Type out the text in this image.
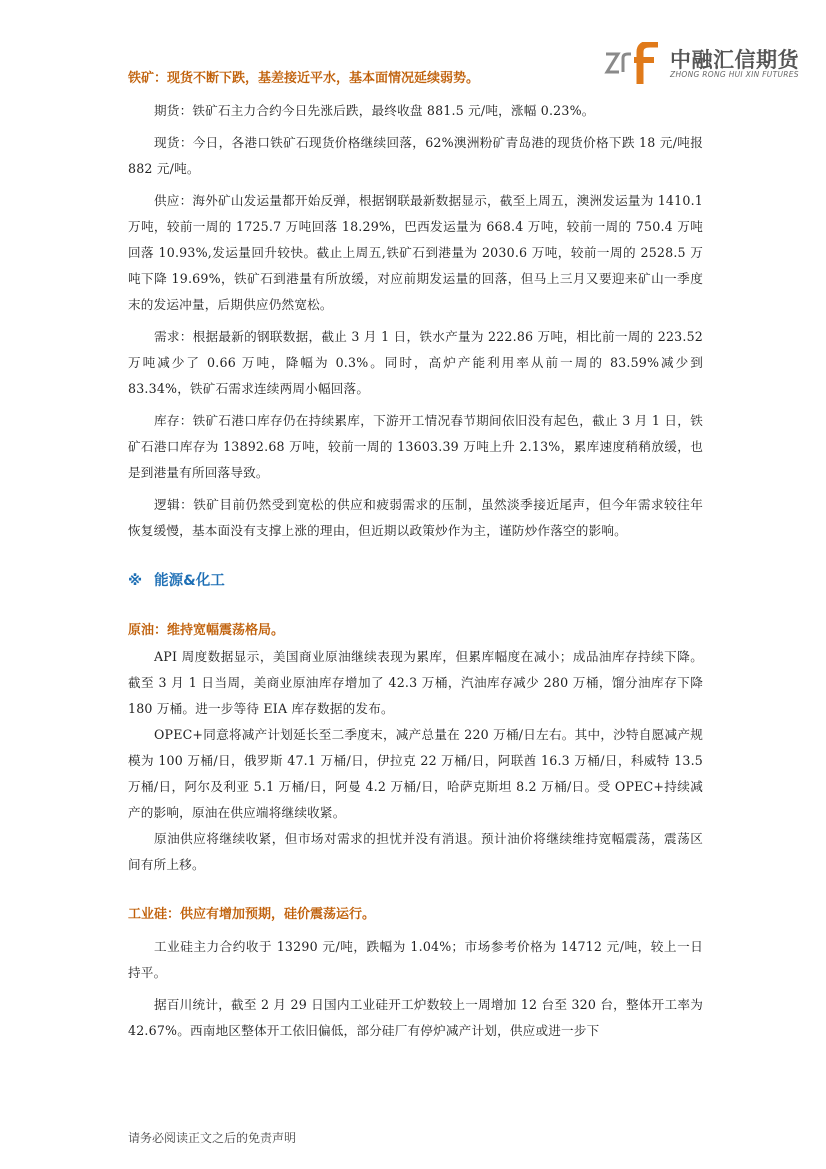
中融汇信期货
ZHONG RONG HUI XIN FUTURES
铁矿：现货不断下跌，基差接近平水，基本面情况延续弱势。

期货：铁矿石主力合约今日先涨后跌，最终收盘 881.5 元/吨，涨幅 0.23%。

现货：今日，各港口铁矿石现货价格继续回落，62%澳洲粉矿青岛港的现货价格下跌 18 元/吨报 882 元/吨。

供应：海外矿山发运量都开始反弹，根据钢联最新数据显示，截至上周五，澳洲发运量为 1410.1 万吨，较前一周的 1725.7 万吨回落 18.29%，巴西发运量为 668.4 万吨，较前一周的 750.4 万吨回落 10.93%,发运量回升较快。截止上周五,铁矿石到港量为 2030.6 万吨，较前一周的 2528.5 万吨下降 19.69%，铁矿石到港量有所放缓，对应前期发运量的回落，但马上三月又要迎来矿山一季度末的发运冲量，后期供应仍然宽松。

需求：根据最新的钢联数据，截止 3 月 1 日，铁水产量为 222.86 万吨，相比前一周的 223.52 万吨减少了 0.66 万吨，降幅为 0.3%。同时，高炉产能利用率从前一周的 83.59%减少到 83.34%，铁矿石需求连续两周小幅回落。

库存：铁矿石港口库存仍在持续累库，下游开工情况春节期间依旧没有起色，截止 3 月 1 日，铁矿石港口库存为 13892.68 万吨，较前一周的 13603.39 万吨上升 2.13%，累库速度稍稍放缓，也是到港量有所回落导致。

逻辑：铁矿目前仍然受到宽松的供应和疲弱需求的压制，虽然淡季接近尾声，但今年需求较往年恢复缓慢，基本面没有支撑上涨的理由，但近期以政策炒作为主，谨防炒作落空的影响。

※ 能源&化工
原油：维持宽幅震荡格局。

API 周度数据显示，美国商业原油继续表现为累库，但累库幅度在减小；成品油库存持续下降。截至 3 月 1 日当周，美商业原油库存增加了 42.3 万桶，汽油库存减少 280 万桶，馏分油库存下降 180 万桶。进一步等待 EIA 库存数据的发布。

OPEC+同意将减产计划延长至二季度末，减产总量在 220 万桶/日左右。其中，沙特自愿减产规模为 100 万桶/日，俄罗斯 47.1 万桶/日，伊拉克 22 万桶/日，阿联酋 16.3 万桶/日，科威特 13.5 万桶/日，阿尔及利亚 5.1 万桶/日，阿曼 4.2 万桶/日，哈萨克斯坦 8.2 万桶/日。受 OPEC+持续减产的影响，原油在供应端将继续收紧。

原油供应将继续收紧，但市场对需求的担忧并没有消退。预计油价将继续维持宽幅震荡，震荡区间有所上移。

工业硅：供应有增加预期，硅价震荡运行。

工业硅主力合约收于 13290 元/吨，跌幅为 1.04%；市场参考价格为 14712 元/吨，较上一日持平。

据百川统计，截至 2 月 29 日国内工业硅开工炉数较上一周增加 12 台至 320 台，整体开工率为 42.67%。西南地区整体开工依旧偏低，部分硅厂有停炉减产计划，供应或进一步下

请务必阅读正文之后的免责声明
